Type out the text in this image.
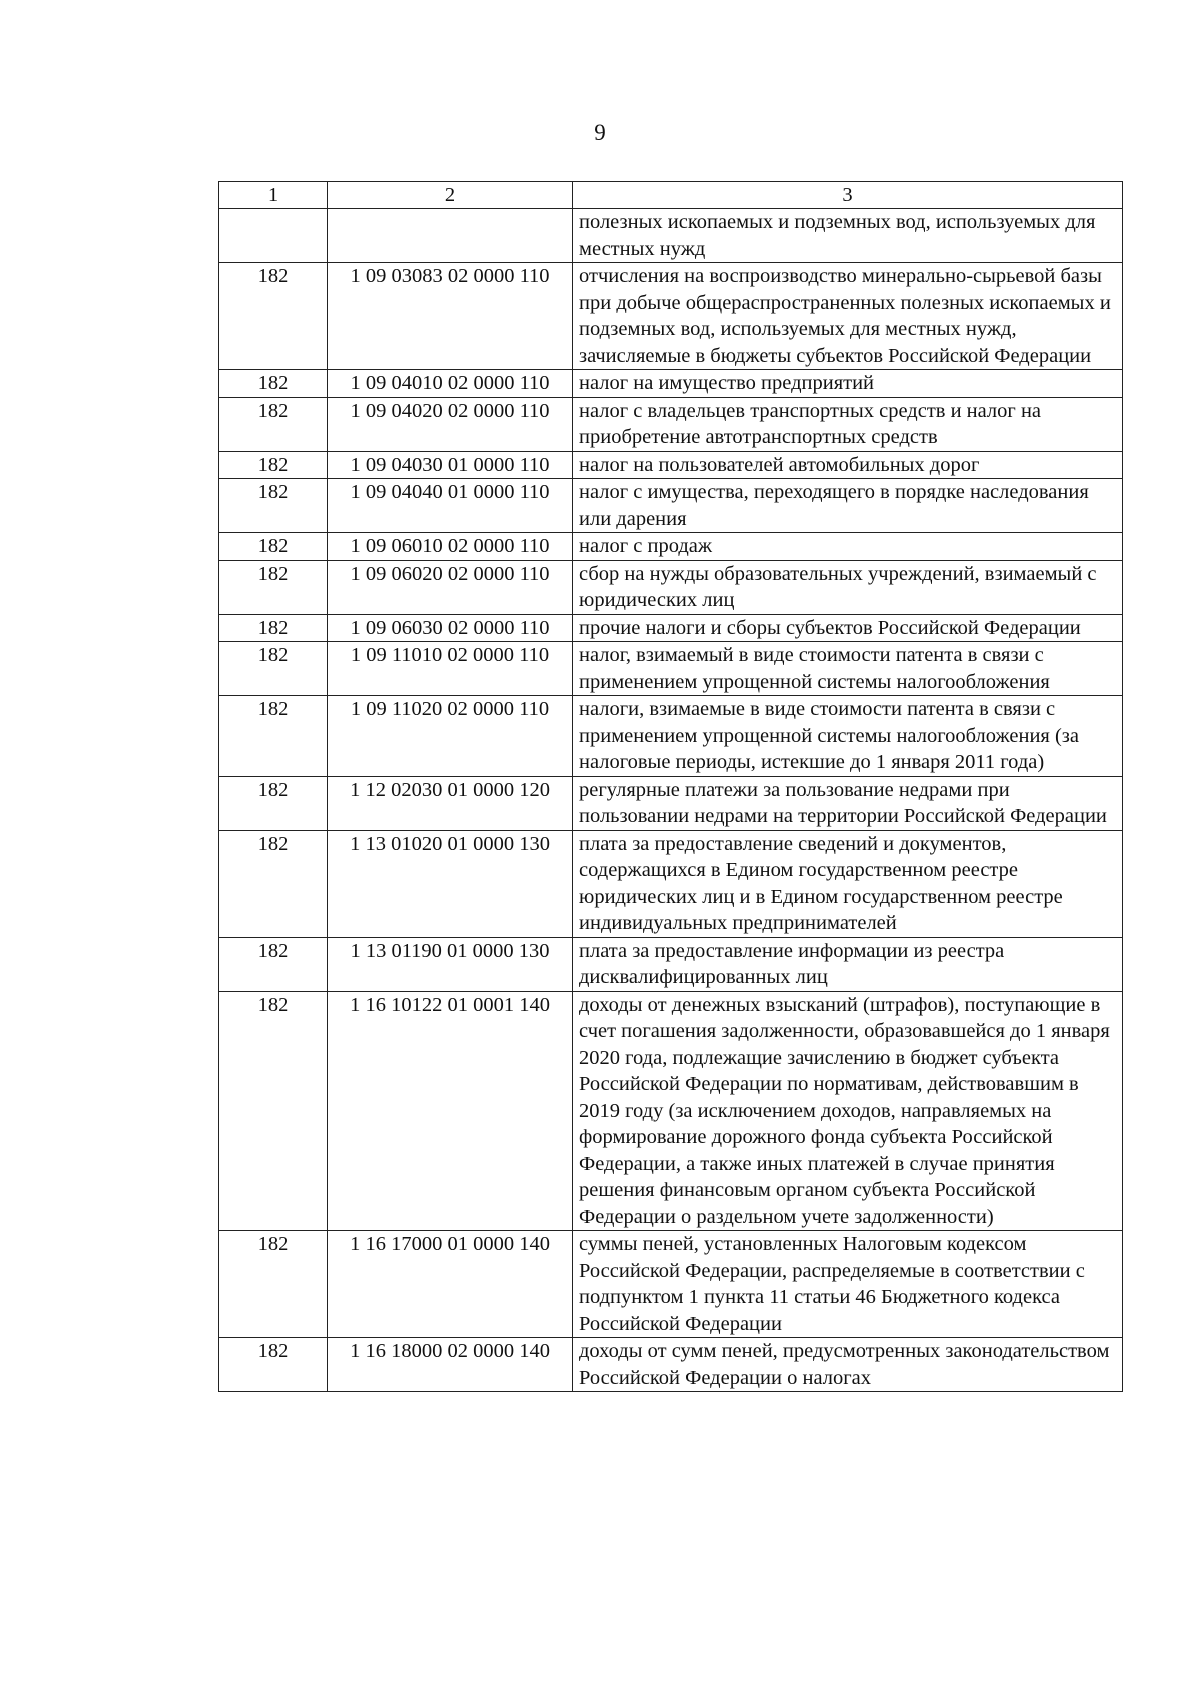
9
1	2	3
		полезных ископаемых и подземных вод, используемых для местных нужд
182	1 09 03083 02 0000 110	отчисления на воспроизводство минерально-сырьевой базы при добыче общераспространенных полезных ископаемых и подземных вод, используемых для местных нужд, зачисляемые в бюджеты субъектов Российской Федерации
182	1 09 04010 02 0000 110	налог на имущество предприятий
182	1 09 04020 02 0000 110	налог с владельцев транспортных средств и налог на приобретение автотранспортных средств
182	1 09 04030 01 0000 110	налог на пользователей автомобильных дорог
182	1 09 04040 01 0000 110	налог с имущества, переходящего в порядке наследования или дарения
182	1 09 06010 02 0000 110	налог с продаж
182	1 09 06020 02 0000 110	сбор на нужды образовательных учреждений, взимаемый с юридических лиц
182	1 09 06030 02 0000 110	прочие налоги и сборы субъектов Российской Федерации
182	1 09 11010 02 0000 110	налог, взимаемый в виде стоимости патента в связи с применением упрощенной системы налогообложения
182	1 09 11020 02 0000 110	налоги, взимаемые в виде стоимости патента в связи с применением упрощенной системы налогообложения (за налоговые периоды, истекшие до 1 января 2011 года)
182	1 12 02030 01 0000 120	регулярные платежи за пользование недрами при пользовании недрами на территории Российской Федерации
182	1 13 01020 01 0000 130	плата за предоставление сведений и документов, содержащихся в Едином государственном реестре юридических лиц и в Едином государственном реестре индивидуальных предпринимателей
182	1 13 01190 01 0000 130	плата за предоставление информации из реестра дисквалифицированных лиц
182	1 16 10122 01 0001 140	доходы от денежных взысканий (штрафов), поступающие в счет погашения задолженности, образовавшейся до 1 января 2020 года, подлежащие зачислению в бюджет субъекта Российской Федерации по нормативам, действовавшим в 2019 году (за исключением доходов, направляемых на формирование дорожного фонда субъекта Российской Федерации, а также иных платежей в случае принятия решения финансовым органом субъекта Российской Федерации о раздельном учете задолженности)
182	1 16 17000 01 0000 140	суммы пеней, установленных Налоговым кодексом Российской Федерации, распределяемые в соответствии с подпунктом 1 пункта 11 статьи 46 Бюджетного кодекса Российской Федерации
182	1 16 18000 02 0000 140	доходы от сумм пеней, предусмотренных законодательством Российской Федерации о налогах
